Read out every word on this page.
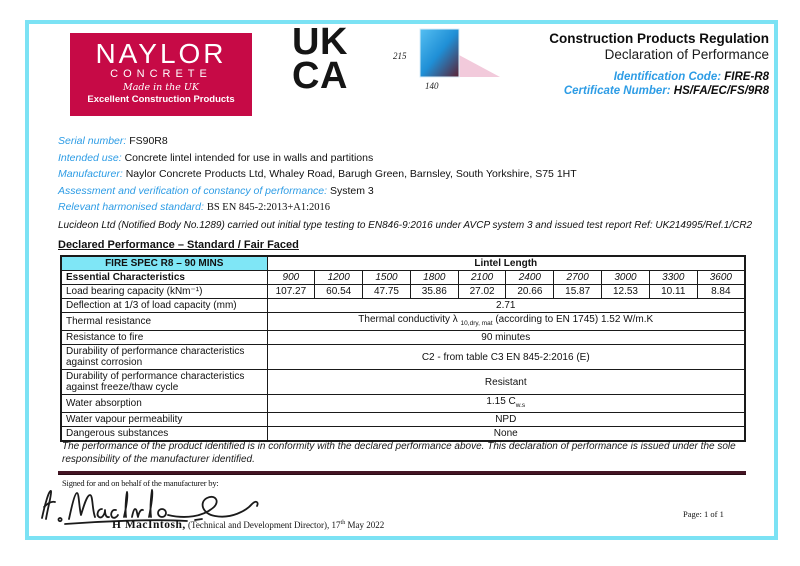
NAYLOR
CONCRETE
Made in the UK
Excellent Construction Products
UK
CA	215
140
Construction Products Regulation
Declaration of Performance
Identification Code: FIRE-R8
Certificate Number: HS/FA/EC/FS/9R8
Serial number: FS90R8
Intended use: Concrete lintel intended for use in walls and partitions
Manufacturer: Naylor Concrete Products Ltd, Whaley Road, Barugh Green, Barnsley, South Yorkshire, S75 1HT
Assessment and verification of constancy of performance: System 3
Relevant harmonised standard: BS EN 845-2:2013+A1:2016
Lucideon Ltd (Notified Body No.1289) carried out initial type testing to EN846-9:2016 under AVCP system 3 and issued test report Ref: UK214995/Ref.1/CR2
Declared Performance – Standard / Fair Faced
FIRE SPEC R8 – 90 MINS	Lintel Length									
Essential Characteristics	900	1200	1500	1800	2100	2400	2700	3000	3300	3600
Load bearing capacity (kNm⁻¹)	107.27	60.54	47.75	35.86	27.02	20.66	15.87	12.53	10.11	8.84
Deflection at 1/3 of load capacity (mm)	2.71									
Thermal resistance	Thermal conductivity λ $_{10,dry, mat}$ (according to EN 1745) 1.52 W/m.K									
Resistance to fire	90 minutes									
Durability of performance characteristics against corrosion	C2 - from table C3 EN 845-2:2016 (E)									
Durability of performance characteristics against freeze/thaw cycle	Resistant									
Water absorption	1.15 $C_{w.s}$
Water vapour permeability	NPD									
Dangerous substances	None									
The performance of the product identified is in conformity with the declared performance above. This declaration of performance is issued under the sole responsibility of the manufacturer identified.
Signed for and on behalf of the manufacturer by:
H MacIntosh, (Technical and Development Director), 17th May 2022
Page: 1 of 1
